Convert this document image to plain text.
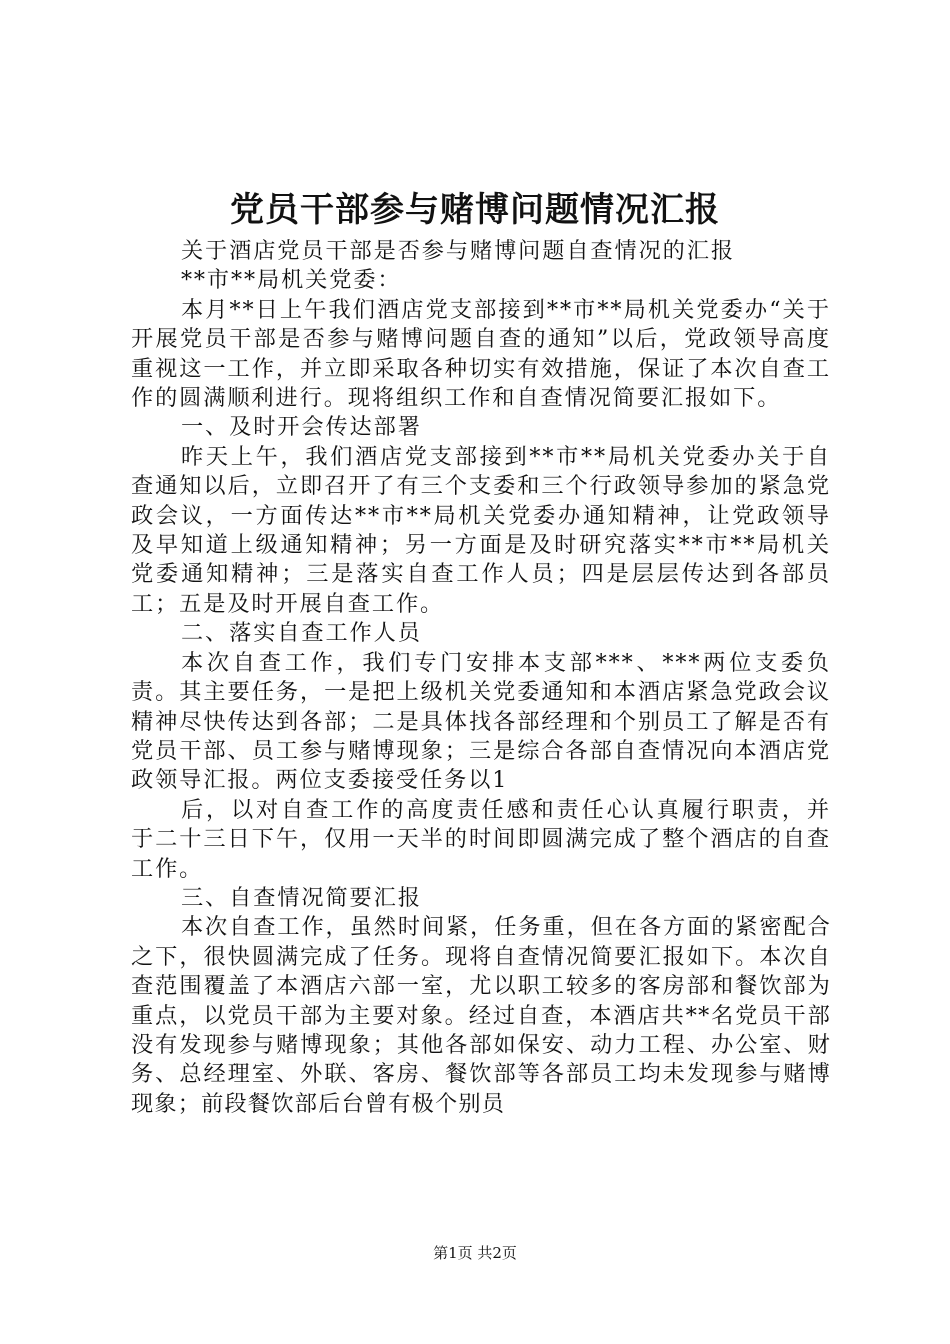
党员干部参与赌博问题情况汇报

关于酒店党员干部是否参与赌博问题自查情况的汇报

**市**局机关党委：

本月**日上午我们酒店党支部接到**市**局机关党委办“关于开展党员干部是否参与赌博问题自查的通知”以后，党政领导高度重视这一工作，并立即采取各种切实有效措施，保证了本次自查工作的圆满顺利进行。现将组织工作和自查情况简要汇报如下。

一、及时开会传达部署

昨天上午，我们酒店党支部接到**市**局机关党委办关于自查通知以后，立即召开了有三个支委和三个行政领导参加的紧急党政会议，一方面传达**市**局机关党委办通知精神，让党政领导及早知道上级通知精神；另一方面是及时研究落实**市**局机关党委通知精神；三是落实自查工作人员；四是层层传达到各部员工；五是及时开展自查工作。

二、落实自查工作人员

本次自查工作，我们专门安排本支部***、***两位支委负责。其主要任务，一是把上级机关党委通知和本酒店紧急党政会议精神尽快传达到各部；二是具体找各部经理和个别员工了解是否有党员干部、员工参与赌博现象；三是综合各部自查情况向本酒店党政领导汇报。两位支委接受任务以1

后，以对自查工作的高度责任感和责任心认真履行职责，并于二十三日下午，仅用一天半的时间即圆满完成了整个酒店的自查工作。

三、自查情况简要汇报

本次自查工作，虽然时间紧，任务重，但在各方面的紧密配合之下，很快圆满完成了任务。现将自查情况简要汇报如下。本次自查范围覆盖了本酒店六部一室，尤以职工较多的客房部和餐饮部为重点，以党员干部为主要对象。经过自查，本酒店共**名党员干部没有发现参与赌博现象；其他各部如保安、动力工程、办公室、财务、总经理室、外联、客房、餐饮部等各部员工均未发现参与赌博现象；前段餐饮部后台曾有极个别员

第1页 共2页
